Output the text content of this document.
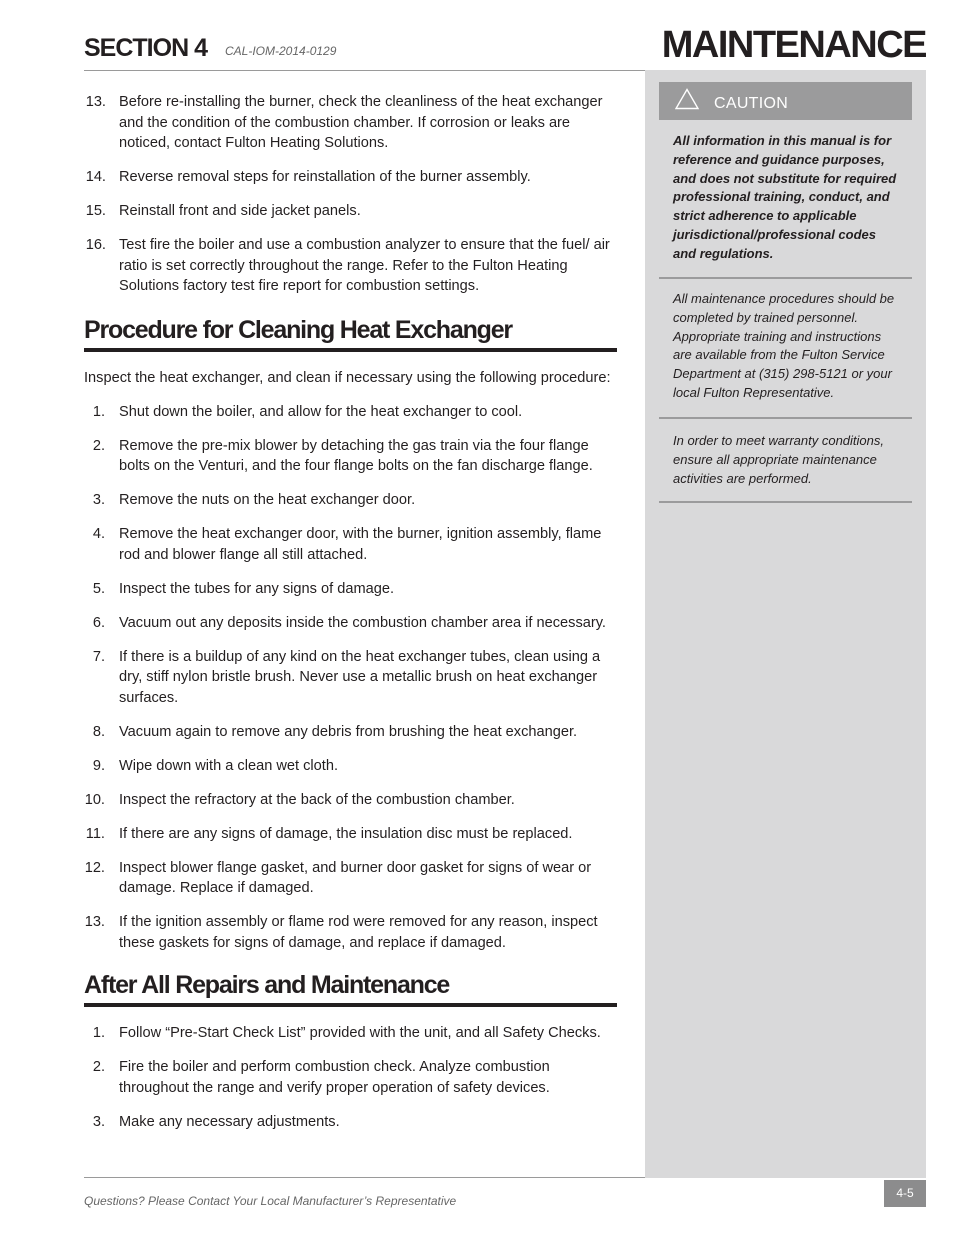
SECTION 4 CAL-IOM-2014-0129	MAINTENANCE
13. Before re-installing the burner, check the cleanliness of the heat exchanger and the condition of the combustion chamber. If corrosion or leaks are noticed, contact Fulton Heating Solutions.
14. Reverse removal steps for reinstallation of the burner assembly.
15. Reinstall front and side jacket panels.
16. Test fire the boiler and use a combustion analyzer to ensure that the fuel/ air ratio is set correctly throughout the range. Refer to the Fulton Heating Solutions factory test fire report for combustion settings.
Procedure for Cleaning Heat Exchanger

Inspect the heat exchanger, and clean if necessary using the following procedure:

1. Shut down the boiler, and allow for the heat exchanger to cool.
2. Remove the pre-mix blower by detaching the gas train via the four flange bolts on the Venturi, and the four flange bolts on the fan discharge flange.
3. Remove the nuts on the heat exchanger door.
4. Remove the heat exchanger door, with the burner, ignition assembly, flame rod and blower flange all still attached.
5. Inspect the tubes for any signs of damage.
6. Vacuum out any deposits inside the combustion chamber area if necessary.
7. If there is a buildup of any kind on the heat exchanger tubes, clean using a dry, stiff nylon bristle brush. Never use a metallic brush on heat exchanger surfaces.
8. Vacuum again to remove any debris from brushing the heat exchanger.
9. Wipe down with a clean wet cloth.
10. Inspect the refractory at the back of the combustion chamber.
11. If there are any signs of damage, the insulation disc must be replaced.
12. Inspect blower flange gasket, and burner door gasket for signs of wear or damage. Replace if damaged.
13. If the ignition assembly or flame rod were removed for any reason, inspect these gaskets for signs of damage, and replace if damaged.
After All Repairs and Maintenance
1. Follow “Pre-Start Check List” provided with the unit, and all Safety Checks.
2. Fire the boiler and perform combustion check. Analyze combustion throughout the range and verify proper operation of safety devices.
3. Make any necessary adjustments.
CAUTION

All information in this manual is for reference and guidance purposes, and does not substitute for required professional training, conduct, and strict adherence to applicable jurisdictional/professional codes and regulations.

All maintenance procedures should be completed by trained personnel. Appropriate training and instructions are available from the Fulton Service Department at (315) 298-5121 or your local Fulton Representative.

In order to meet warranty conditions, ensure all appropriate maintenance activities are performed.

Questions? Please Contact Your Local Manufacturer’s Representative
4-5
